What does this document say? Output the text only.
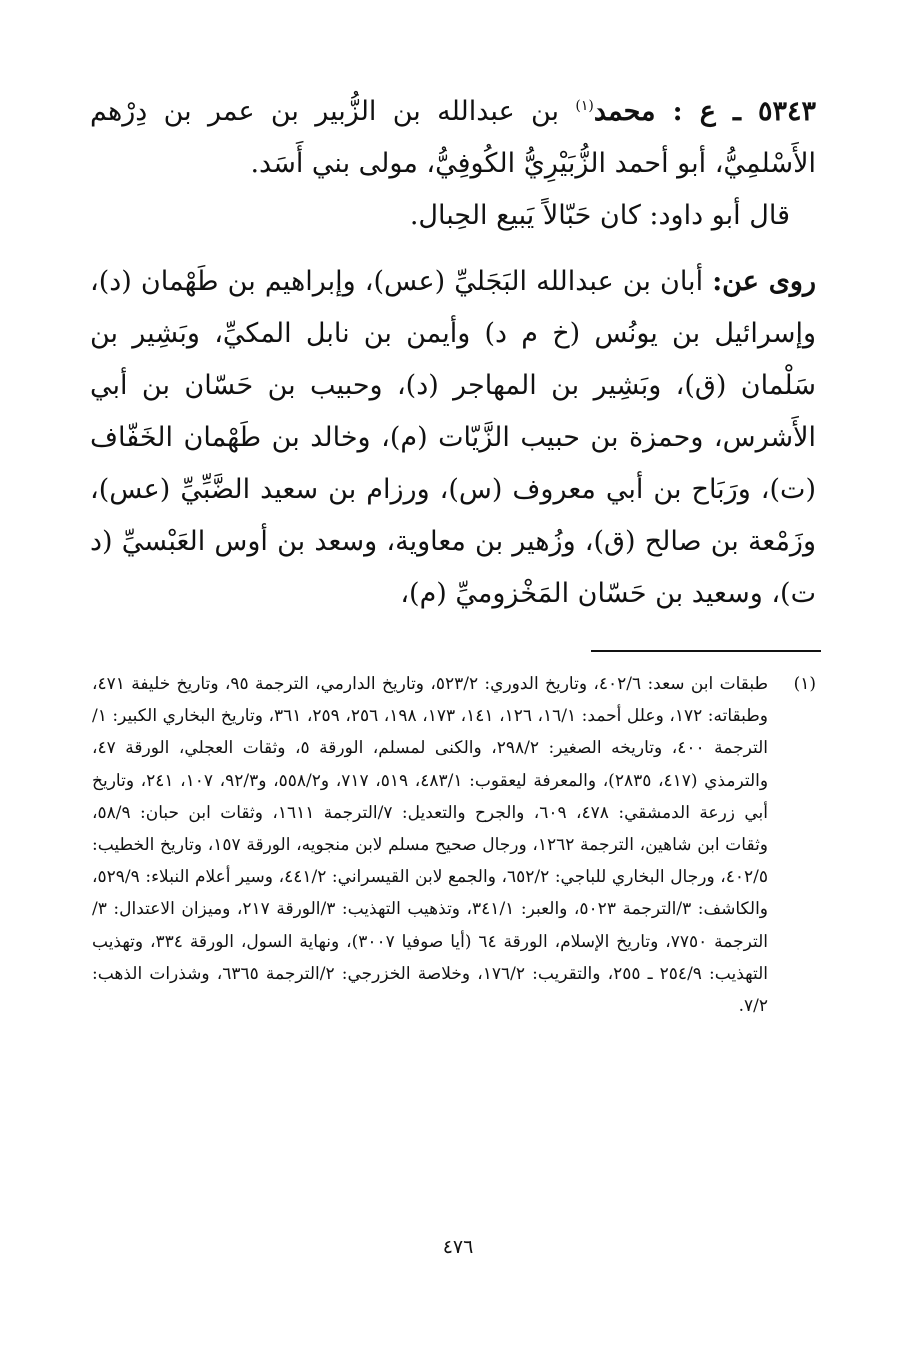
٥٣٤٣ ـ ع : محمد$^{(١)}$ بن عبدالله بن الزُّبير بن عمر بن دِرْهم الأَسْلمِيُّ، أبو أحمد الزُّبَيْرِيُّ الكُوفِيُّ، مولى بني أَسَد.

قال أبو داود: كان حَبّالاً يَبيع الحِبال.

روى عن: أبان بن عبدالله البَجَليِّ (عس)، وإبراهيم بن طَهْمان (د)، وإسرائيل بن يونُس (خ م د) وأيمن بن نابل المكيِّ، وبَشِير بن سَلْمان (ق)، وبَشِير بن المهاجر (د)، وحبيب بن حَسّان بن أبي الأَشرس، وحمزة بن حبيب الزَّيّات (م)، وخالد بن طَهْمان الخَفّاف (ت)، ورَبَاح بن أبي معروف (س)، ورزام بن سعيد الضَّبِّيِّ (عس)، وزَمْعة بن صالح (ق)، وزُهير بن معاوية، وسعد بن أوس العَبْسيِّ (د ت)، وسعيد بن حَسّان المَخْزوميِّ (م)،

(١)
طبقات ابن سعد: ٤٠٢/٦، وتاريخ الدوري: ٥٢٣/٢، وتاريخ الدارمي، الترجمة ٩٥، وتاريخ خليفة ٤٧١، وطبقاته: ١٧٢، وعلل أحمد: ١٦/١، ١٢٦، ١٤١، ١٧٣، ١٩٨، ٢٥٦، ٢٥٩، ٣٦١، وتاريخ البخاري الكبير: ١/الترجمة ٤٠٠، وتاريخه الصغير: ٢٩٨/٢، والكنى لمسلم، الورقة ٥، وثقات العجلي، الورقة ٤٧، والترمذي (٤١٧، ٢٨٣٥)، والمعرفة ليعقوب: ٤٨٣/١، ٥١٩، ٧١٧، و٥٥٨/٢، و٩٢/٣، ١٠٧، ٢٤١، وتاريخ أبي زرعة الدمشقي: ٤٧٨، ٦٠٩، والجرح والتعديل: ٧/الترجمة ١٦١١، وثقات ابن حبان: ٥٨/٩، وثقات ابن شاهين، الترجمة ١٢٦٢، ورجال صحيح مسلم لابن منجويه، الورقة ١٥٧، وتاريخ الخطيب: ٤٠٢/٥، ورجال البخاري للباجي: ٦٥٢/٢، والجمع لابن القيسراني: ٤٤١/٢، وسير أعلام النبلاء: ٥٢٩/٩، والكاشف: ٣/الترجمة ٥٠٢٣، والعبر: ٣٤١/١، وتذهيب التهذيب: ٣/الورقة ٢١٧، وميزان الاعتدال: ٣/الترجمة ٧٧٥٠، وتاريخ الإسلام، الورقة ٦٤ (أيا صوفيا ٣٠٠٧)، ونهاية السول، الورقة ٣٣٤، وتهذيب التهذيب: ٢٥٤/٩ ـ ٢٥٥، والتقريب: ١٧٦/٢، وخلاصة الخزرجي: ٢/الترجمة ٦٣٦٥، وشذرات الذهب: ٧/٢.
٤٧٦
